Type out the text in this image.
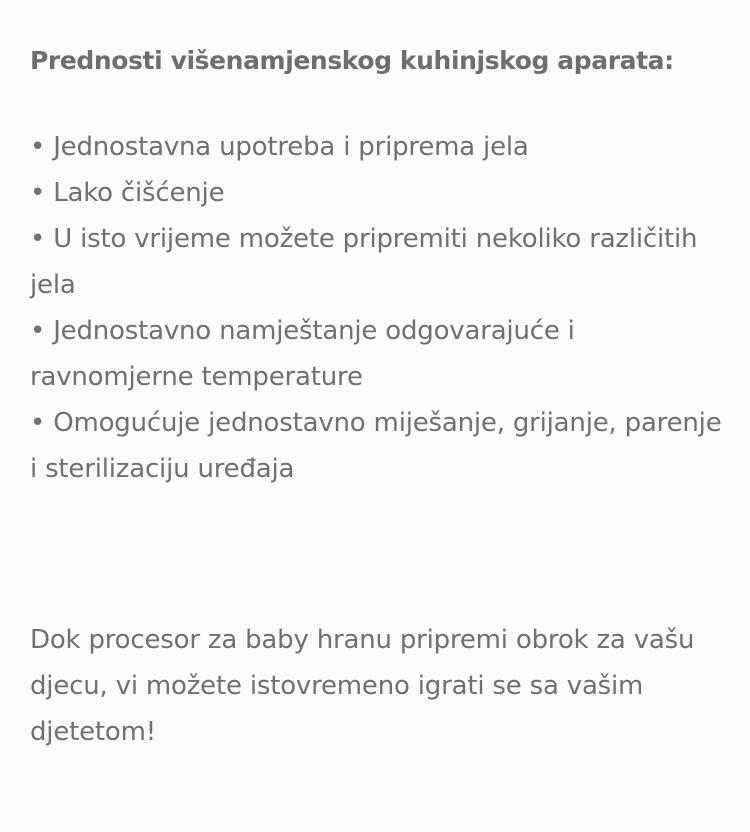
Prednosti višenamjenskog kuhinjskog aparata:

• Jednostavna upotreba i priprema jela
• Lako čišćenje
• U isto vrijeme možete pripremiti nekoliko različitih jela
• Jednostavno namještanje odgovarajuće i ravnomjerne temperature
• Omogućuje jednostavno miješanje, grijanje, parenje i sterilizaciju uređaja

Dok procesor za baby hranu pripremi obrok za vašu djecu, vi možete istovremeno igrati se sa vašim djetetom!
